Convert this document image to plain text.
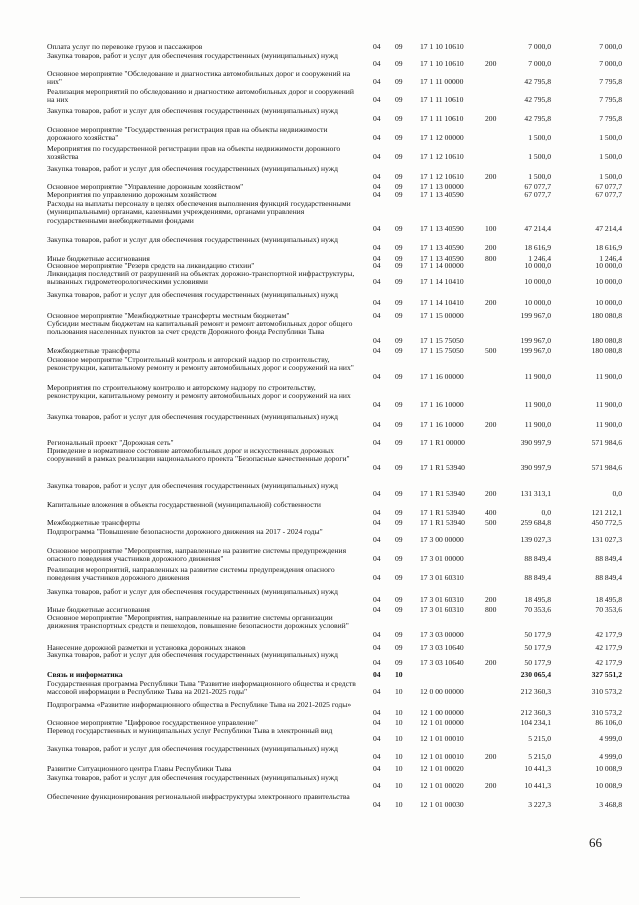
Оплата услуг по перевозке грузов и пассажиров	04 09 17 1 10 10610	7 000,0	7 000,0
Закупка товаров, работ и услуг для обеспечения государственных (муниципальных) нужд
04 09 17 1 10 10610	200	7 000,0	7 000,0
Основное мероприятие "Обследование и диагностика автомобильных дорог и сооружений на них"	04 09 17 1 11 00000	42 795,8	7 795,8
Реализация мероприятий по обследованию и диагностике автомобильных дорог и сооружений на них	04 09 17 1 11 10610	42 795,8	7 795,8
Закупка товаров, работ и услуг для обеспечения государственных (муниципальных) нужд
04 09 17 1 11 10610	200	42 795,8	7 795,8
Основное мероприятие "Государственная регистрация прав на объекты недвижимости дорожного хозяйства"	04 09 17 1 12 00000	1 500,0	1 500,0
Мероприятия по государственной регистрации прав на объекты недвижимости дорожного хозяйства	04 09 17 1 12 10610	1 500,0	1 500,0
Закупка товаров, работ и услуг для обеспечения государственных (муниципальных) нужд
04 09 17 1 12 10610	200	1 500,0	1 500,0
Основное мероприятие "Управление дорожным хозяйством"	04 09 17 1 13 00000	67 077,7	67 077,7
Мероприятия по управлению дорожным хозяйством	04 09 17 1 13 40590	67 077,7	67 077,7
Расходы на выплаты персоналу в целях обеспечения выполнения функций государственными (муниципальными) органами, казенными учреждениями, органами управления государственными внебюджетными фондами
04 09 17 1 13 40590	100	47 214,4	47 214,4
Закупка товаров, работ и услуг для обеспечения государственных (муниципальных) нужд
04 09 17 1 13 40590	200	18 616,9	18 616,9
Иные бюджетные ассигнования	04 09 17 1 13 40590	800	1 246,4	1 246,4
Основное мероприятие "Резерв средств на ликвидацию стихии"	04 09 17 1 14 00000	10 000,0	10 000,0
Ликвидация последствий от разрушений на объектах дорожно-транспортной инфраструктуры, вызванных гидрометеорологическими условиями	04 09 17 1 14 10410	10 000,0	10 000,0
Закупка товаров, работ и услуг для обеспечения государственных (муниципальных) нужд
04 09 17 1 14 10410	200	10 000,0	10 000,0
Основное мероприятие "Межбюджетные трансферты местным бюджетам"	04 09 17 1 15 00000	199 967,0	180 080,8
Субсидии местным бюджетам на капитальный ремонт и ремонт автомобильных дорог общего пользования населенных пунктов за счет средств Дорожного фонда Республики Тыва
04 09 17 1 15 75050	199 967,0	180 080,8
Межбюджетные трансферты	04 09 17 1 15 75050	500	199 967,0	180 080,8
Основное мероприятие "Строительный контроль и авторский надзор по строительству, реконструкции, капитальному ремонту и ремонту автомобильных дорог и сооружений на них"
04 09 17 1 16 00000	11 900,0	11 900,0
Мероприятия по строительному контролю и авторскому надзору по строительству, реконструкции, капитальному ремонту и ремонту автомобильных дорог и сооружений на них
04 09 17 1 16 10000	11 900,0	11 900,0
Закупка товаров, работ и услуг для обеспечения государственных (муниципальных) нужд
04 09 17 1 16 10000	200	11 900,0	11 900,0
Региональный проект "Дорожная сеть"	04 09 17 1 R1 00000	390 997,9	571 984,6
Приведение в нормативное состояние автомобильных дорог и искусственных дорожных сооружений в рамках реализации национального проекта "Безопасные качественные дороги"
04 09 17 1 R1 53940	390 997,9	571 984,6
Закупка товаров, работ и услуг для обеспечения государственных (муниципальных) нужд
04 09 17 1 R1 53940	200	131 313,1	0,0
Капитальные вложения в объекты государственной (муниципальной) собственности
04 09 17 1 R1 53940	400	0,0	121 212,1
Межбюджетные трансферты	04 09 17 1 R1 53940	500	259 684,8	450 772,5
Подпрограмма "Повышение безопасности дорожного движения на 2017 - 2024 годы"
04 09 17 3 00 00000	139 027,3	131 027,3
Основное мероприятие "Мероприятия, направленные на развитие системы предупреждения опасного поведения участников дорожного движения"	04 09 17 3 01 00000	88 849,4	88 849,4
Реализация мероприятий, направленных на развитие системы предупреждения опасного поведения участников дорожного движения	04 09 17 3 01 60310	88 849,4	88 849,4
Закупка товаров, работ и услуг для обеспечения государственных (муниципальных) нужд
04 09 17 3 01 60310	200	18 495,8	18 495,8
Иные бюджетные ассигнования	04 09 17 3 01 60310	800	70 353,6	70 353,6
Основное мероприятие "Мероприятия, направленные на развитие системы организации движения транспортных средств и пешеходов, повышение безопасности дорожных условий"
04 09 17 3 03 00000	50 177,9	42 177,9
Нанесение дорожной разметки и установка дорожных знаков	04 09 17 3 03 10640	50 177,9	42 177,9
Закупка товаров, работ и услуг для обеспечения государственных (муниципальных) нужд
04 09 17 3 03 10640	200	50 177,9	42 177,9
Связь и информатика	04 10	230 065,4	327 551,2
Государственная программа Республики Тыва "Развитие информационного общества и средств массовой информации в Республике Тыва на 2021-2025 годы"	04 10 12 0 00 00000	212 360,3	310 573,2
Подпрограмма «Развитие информационного общества в Республике Тыва на 2021-2025 годы»
04 10 12 1 00 00000	212 360,3	310 573,2
Основное мероприятие "Цифровое государственное управление"	04 10 12 1 01 00000	104 234,1	86 106,0
Перевод государственных и муниципальных услуг Республики Тыва в электронный вид
04 10 12 1 01 00010	5 215,0	4 999,0
Закупка товаров, работ и услуг для обеспечения государственных (муниципальных) нужд
04 10 12 1 01 00010	200	5 215,0	4 999,0
Развитие Ситуационного центра Главы Республики Тыва	04 10 12 1 01 00020	10 441,3	10 008,9
Закупка товаров, работ и услуг для обеспечения государственных (муниципальных) нужд
04 10 12 1 01 00020	200	10 441,3	10 008,9
Обеспечение функционирования региональной инфраструктуры электронного правительства
04 10 12 1 01 00030	3 227,3	3 468,8
66
